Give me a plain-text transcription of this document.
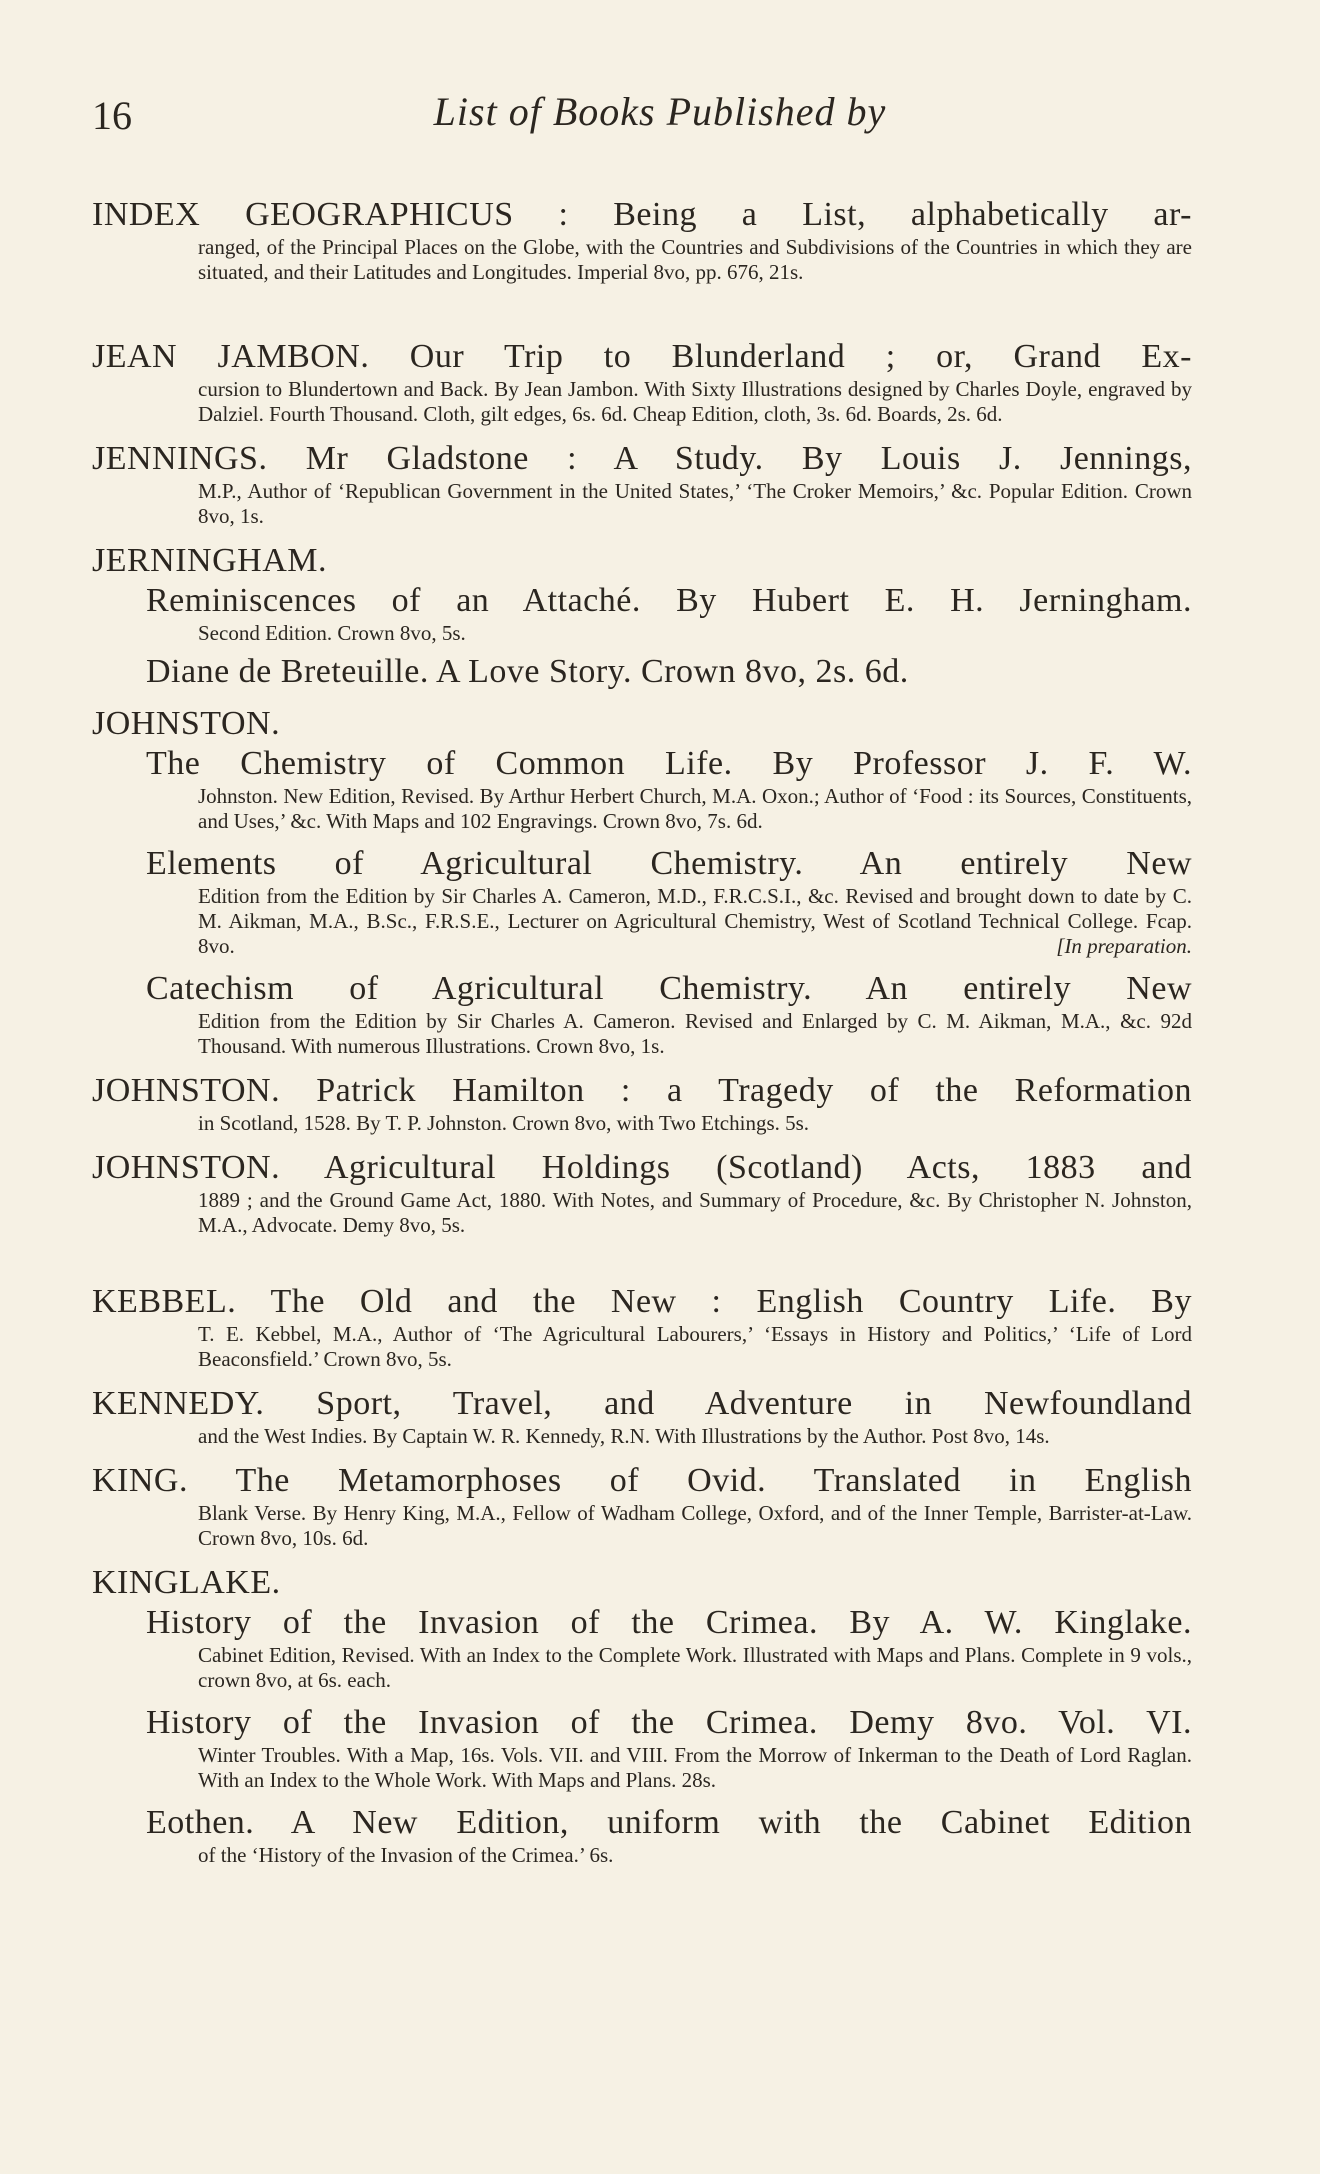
16	List of Books Published by

INDEX GEOGRAPHICUS : Being a List, alphabetically ar-

ranged, of the Principal Places on the Globe, with the Countries and Subdivisions of the Countries in which they are situated, and their Latitudes and Longitudes. Imperial 8vo, pp. 676, 21s.

JEAN JAMBON. Our Trip to Blunderland ; or, Grand Ex-

cursion to Blundertown and Back. By Jean Jambon. With Sixty Illustrations designed by Charles Doyle, engraved by Dalziel. Fourth Thousand. Cloth, gilt edges, 6s. 6d. Cheap Edition, cloth, 3s. 6d. Boards, 2s. 6d.

JENNINGS. Mr Gladstone : A Study. By Louis J. Jennings,

M.P., Author of ‘Republican Government in the United States,’ ‘The Croker Memoirs,’ &c. Popular Edition. Crown 8vo, 1s.

JERNINGHAM.

Reminiscences of an Attaché. By Hubert E. H. Jerningham.

Second Edition. Crown 8vo, 5s.

Diane de Breteuille. A Love Story. Crown 8vo, 2s. 6d.

JOHNSTON.

The Chemistry of Common Life. By Professor J. F. W.

Johnston. New Edition, Revised. By Arthur Herbert Church, M.A. Oxon.; Author of ‘Food : its Sources, Constituents, and Uses,’ &c. With Maps and 102 Engravings. Crown 8vo, 7s. 6d.

Elements of Agricultural Chemistry. An entirely New

Edition from the Edition by Sir Charles A. Cameron, M.D., F.R.C.S.I., &c. Revised and brought down to date by C. M. Aikman, M.A., B.Sc., F.R.S.E., Lecturer on Agricultural Chemistry, West of Scotland Technical College. Fcap. 8vo.	[In preparation.

Catechism of Agricultural Chemistry. An entirely New

Edition from the Edition by Sir Charles A. Cameron. Revised and Enlarged by C. M. Aikman, M.A., &c. 92d Thousand. With numerous Illustrations. Crown 8vo, 1s.

JOHNSTON. Patrick Hamilton : a Tragedy of the Reformation

in Scotland, 1528. By T. P. Johnston. Crown 8vo, with Two Etchings. 5s.

JOHNSTON. Agricultural Holdings (Scotland) Acts, 1883 and

1889 ; and the Ground Game Act, 1880. With Notes, and Summary of Procedure, &c. By Christopher N. Johnston, M.A., Advocate. Demy 8vo, 5s.

KEBBEL. The Old and the New : English Country Life. By

T. E. Kebbel, M.A., Author of ‘The Agricultural Labourers,’ ‘Essays in History and Politics,’ ‘Life of Lord Beaconsfield.’ Crown 8vo, 5s.

KENNEDY. Sport, Travel, and Adventure in Newfoundland

and the West Indies. By Captain W. R. Kennedy, R.N. With Illustrations by the Author. Post 8vo, 14s.

KING. The Metamorphoses of Ovid. Translated in English

Blank Verse. By Henry King, M.A., Fellow of Wadham College, Oxford, and of the Inner Temple, Barrister-at-Law. Crown 8vo, 10s. 6d.

KINGLAKE.

History of the Invasion of the Crimea. By A. W. Kinglake.

Cabinet Edition, Revised. With an Index to the Complete Work. Illustrated with Maps and Plans. Complete in 9 vols., crown 8vo, at 6s. each.

History of the Invasion of the Crimea. Demy 8vo. Vol. VI.

Winter Troubles. With a Map, 16s. Vols. VII. and VIII. From the Morrow of Inkerman to the Death of Lord Raglan. With an Index to the Whole Work. With Maps and Plans. 28s.

Eothen. A New Edition, uniform with the Cabinet Edition

of the ‘History of the Invasion of the Crimea.’ 6s.
